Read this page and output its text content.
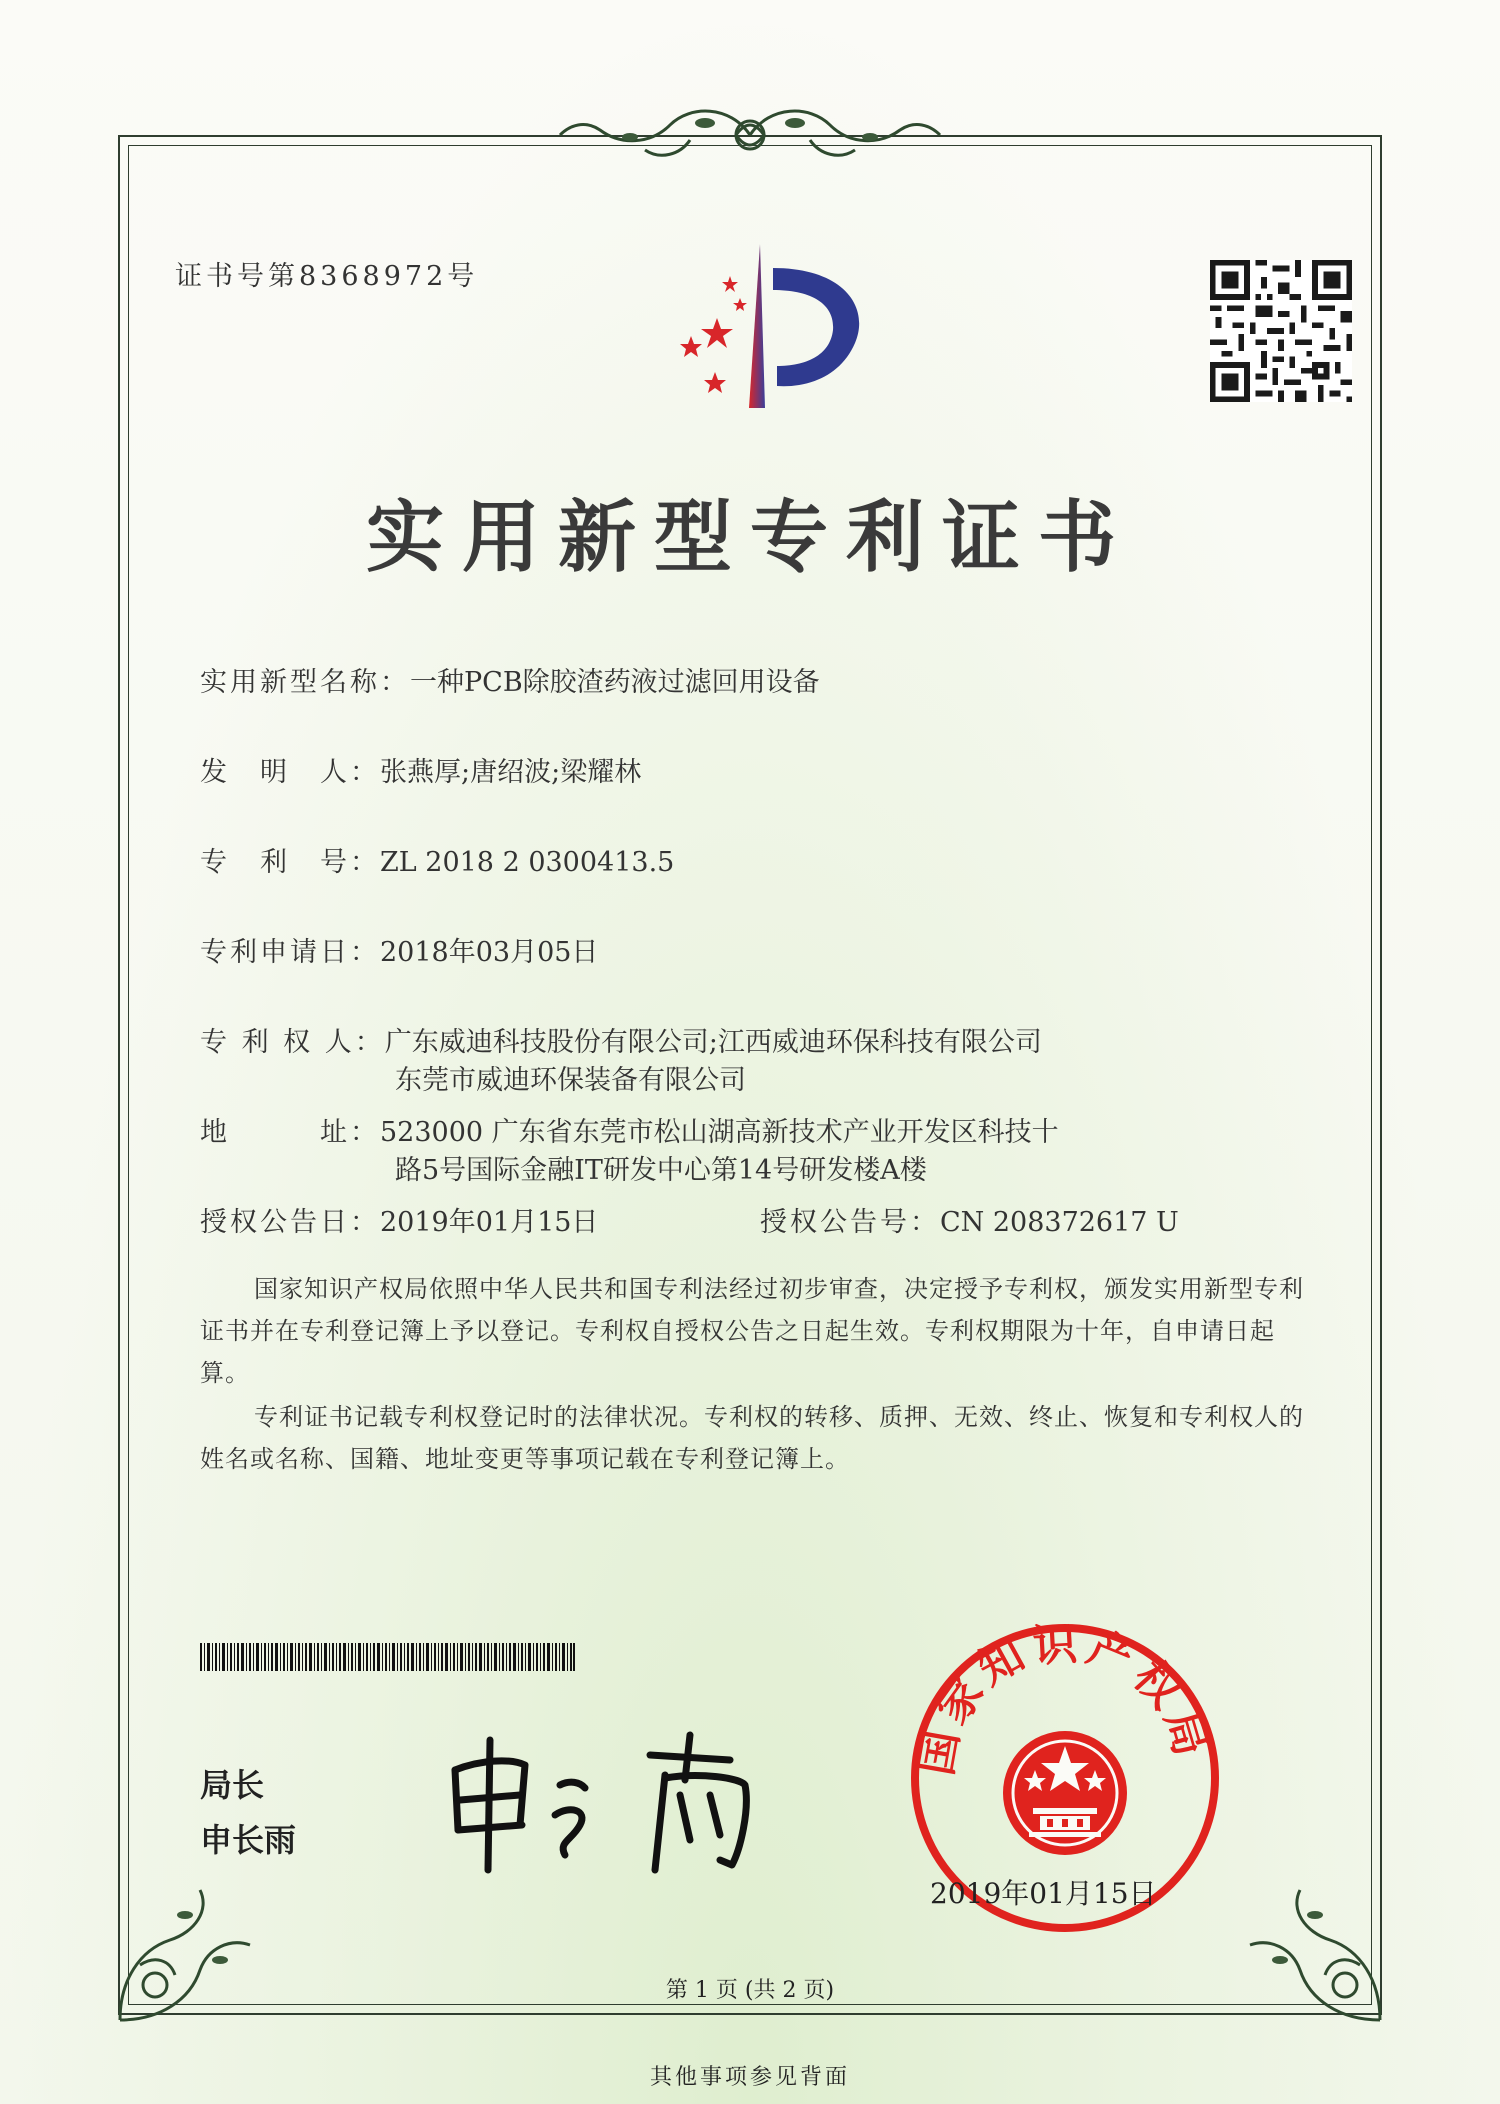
证书号第8368972号
实用新型专利证书
实用新型名称：一种PCB除胶渣药液过滤回用设备
发　明　人：张燕厚;唐绍波;梁耀林
专　利　号：ZL 2018 2 0300413.5
专利申请日：2018年03月05日
专 利 权 人：广东威迪科技股份有限公司;江西威迪环保科技有限公司
东莞市威迪环保装备有限公司
地　　　址：523000 广东省东莞市松山湖高新技术产业开发区科技十
路5号国际金融IT研发中心第14号研发楼A楼
授权公告日：2019年01月15日	授权公告号：CN 208372617 U
国家知识产权局依照中华人民共和国专利法经过初步审查，决定授予专利权，颁发实用新型专利证书并在专利登记簿上予以登记。专利权自授权公告之日起生效。专利权期限为十年，自申请日起算。
专利证书记载专利权登记时的法律状况。专利权的转移、质押、无效、终止、恢复和专利权人的姓名或名称、国籍、地址变更等事项记载在专利登记簿上。
局长
申长雨
国家知识产权局
2019年01月15日
第 1 页 (共 2 页)
其他事项参见背面
